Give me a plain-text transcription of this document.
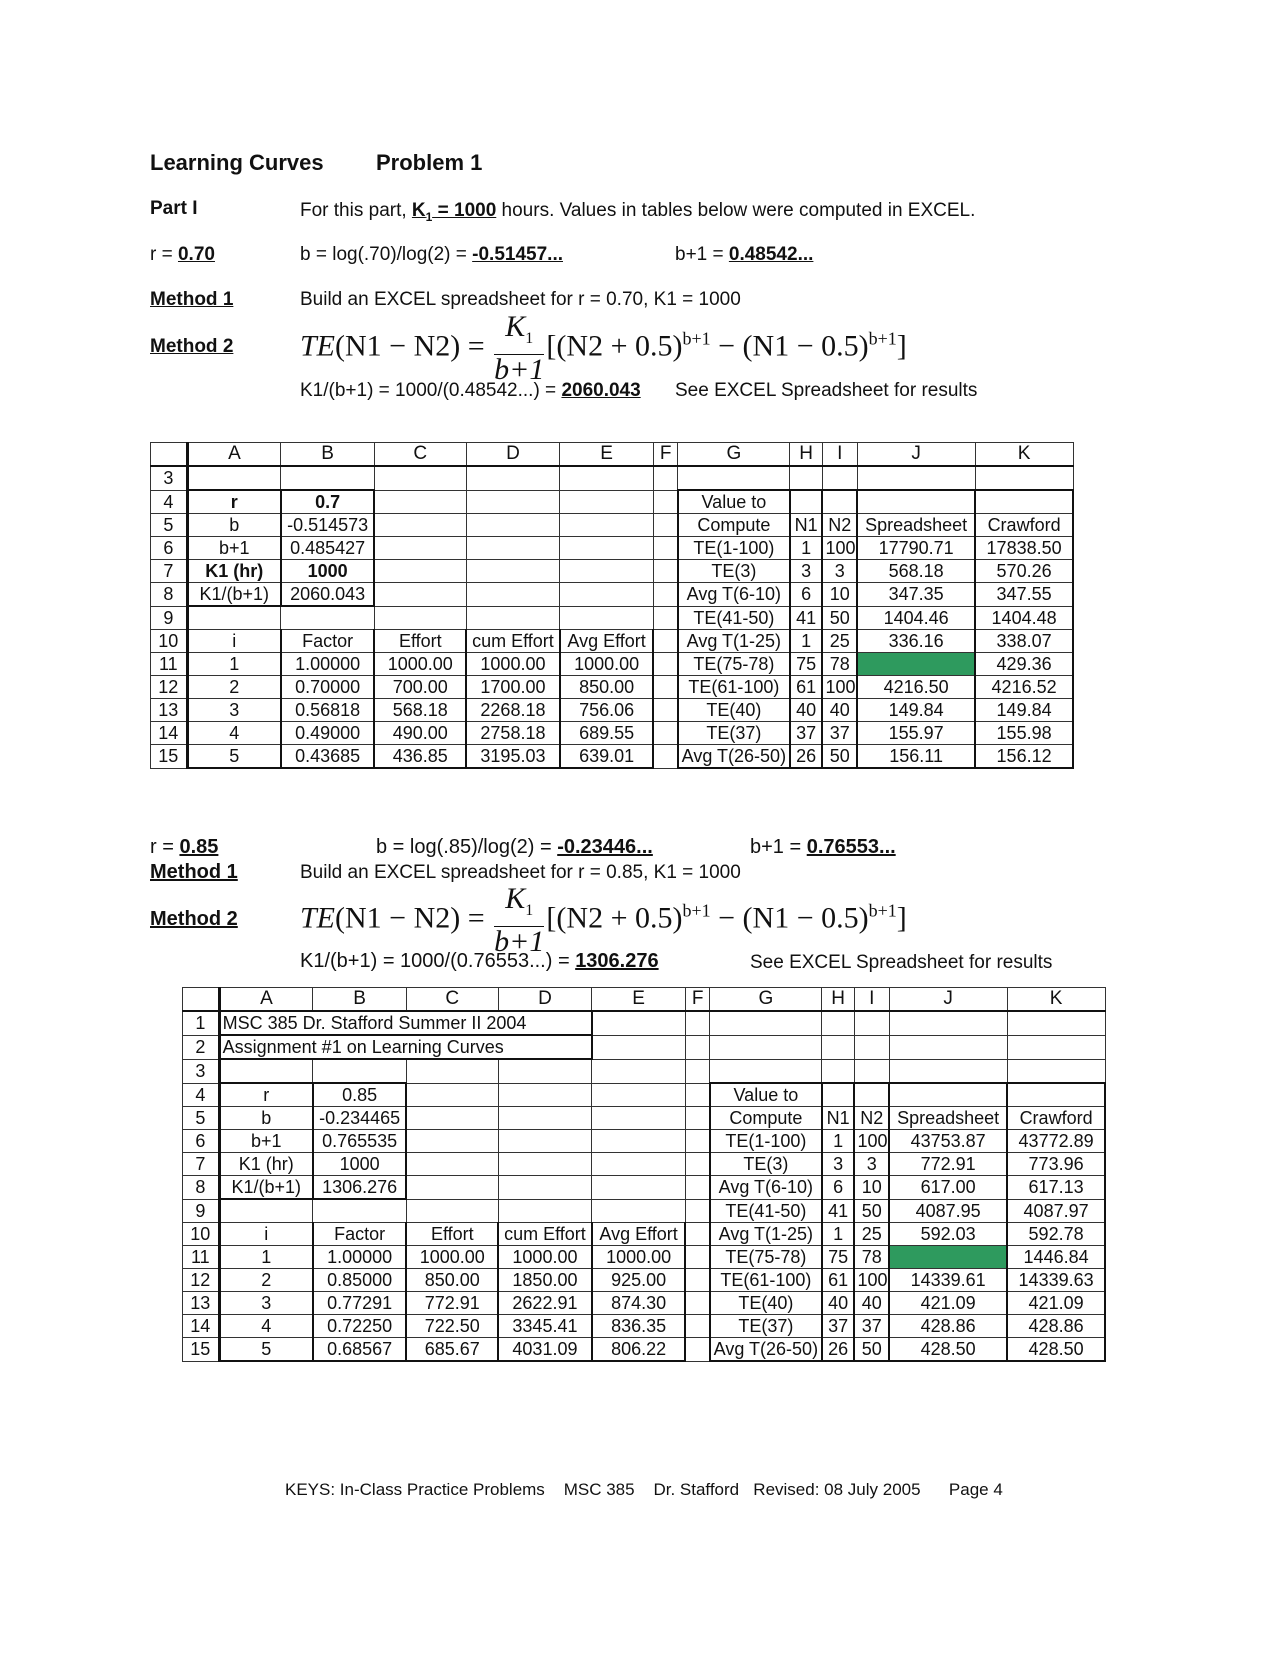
Learning Curves Problem 1
Part I	For this part, $K_1 = 1000$ hours. Values in tables below were computed in EXCEL.
r = 0.70	b = log(.70)/log(2) = -0.51457...	b+1 = 0.48542...
Method 1	Build an EXCEL spreadsheet for r = 0.70, K1 = 1000
Method 2 $TE(N1 - N2) = \frac{K_1}{b+1} [(N2 + 0.5)^{b+1} - (N1 - 0.5)^{b+1}]$
K1/(b+1) = 1000/(0.48542...) = 2060.043 See EXCEL Spreadsheet for results
	A	B	C	D	E	F	G	H	I	J	K
3											
4	r	0.7					Value to				
5	b	-0.514573					Compute	N1	N2	Spreadsheet	Crawford
6	b+1	0.485427					TE(1-100)	1	100	17790.71	17838.50
7	K1 (hr)	1000					TE(3)	3	3	568.18	570.26
8	K1/(b+1)	2060.043					Avg T(6-10)	6	10	347.35	347.55
9							TE(41-50)	41	50	1404.46	1404.48
10	i	Factor	Effort	cum Effort	Avg Effort		Avg T(1-25)	1	25	336.16	338.07
11	1	1.00000	1000.00	1000.00	1000.00		TE(75-78)	75	78		429.36
12	2	0.70000	700.00	1700.00	850.00		TE(61-100)	61	100	4216.50	4216.52
13	3	0.56818	568.18	2268.18	756.06		TE(40)	40	40	149.84	149.84
14	4	0.49000	490.00	2758.18	689.55		TE(37)	37	37	155.97	155.98
15	5	0.43685	436.85	3195.03	639.01		Avg T(26-50)	26	50	156.11	156.12
r = 0.85	b = log(.85)/log(2) = -0.23446...	b+1 = 0.76553...
Method 1	Build an EXCEL spreadsheet for r = 0.85, K1 = 1000
Method 2 $TE(N1 - N2) = \frac{K_1}{b+1} [(N2 + 0.5)^{b+1} - (N1 - 0.5)^{b+1}]$
K1/(b+1) = 1000/(0.76553...) = 1306.276	See EXCEL Spreadsheet for results
	A	B	C	D	E	F	G	H	I	J	K
1	MSC 385 Dr. Stafford Summer II 2004										
2	Assignment #1 on Learning Curves										
3											
4	r	0.85					Value to				
5	b	-0.234465					Compute	N1	N2	Spreadsheet	Crawford
6	b+1	0.765535					TE(1-100)	1	100	43753.87	43772.89
7	K1 (hr)	1000					TE(3)	3	3	772.91	773.96
8	K1/(b+1)	1306.276					Avg T(6-10)	6	10	617.00	617.13
9							TE(41-50)	41	50	4087.95	4087.97
10	i	Factor	Effort	cum Effort	Avg Effort		Avg T(1-25)	1	25	592.03	592.78
11	1	1.00000	1000.00	1000.00	1000.00		TE(75-78)	75	78		1446.84
12	2	0.85000	850.00	1850.00	925.00		TE(61-100)	61	100	14339.61	14339.63
13	3	0.77291	772.91	2622.91	874.30		TE(40)	40	40	421.09	421.09
14	4	0.72250	722.50	3345.41	836.35		TE(37)	37	37	428.86	428.86
15	5	0.68567	685.67	4031.09	806.22		Avg T(26-50)	26	50	428.50	428.50
KEYS: In-Class Practice Problems    MSC 385    Dr. Stafford   Revised: 08 July 2005      Page 4
